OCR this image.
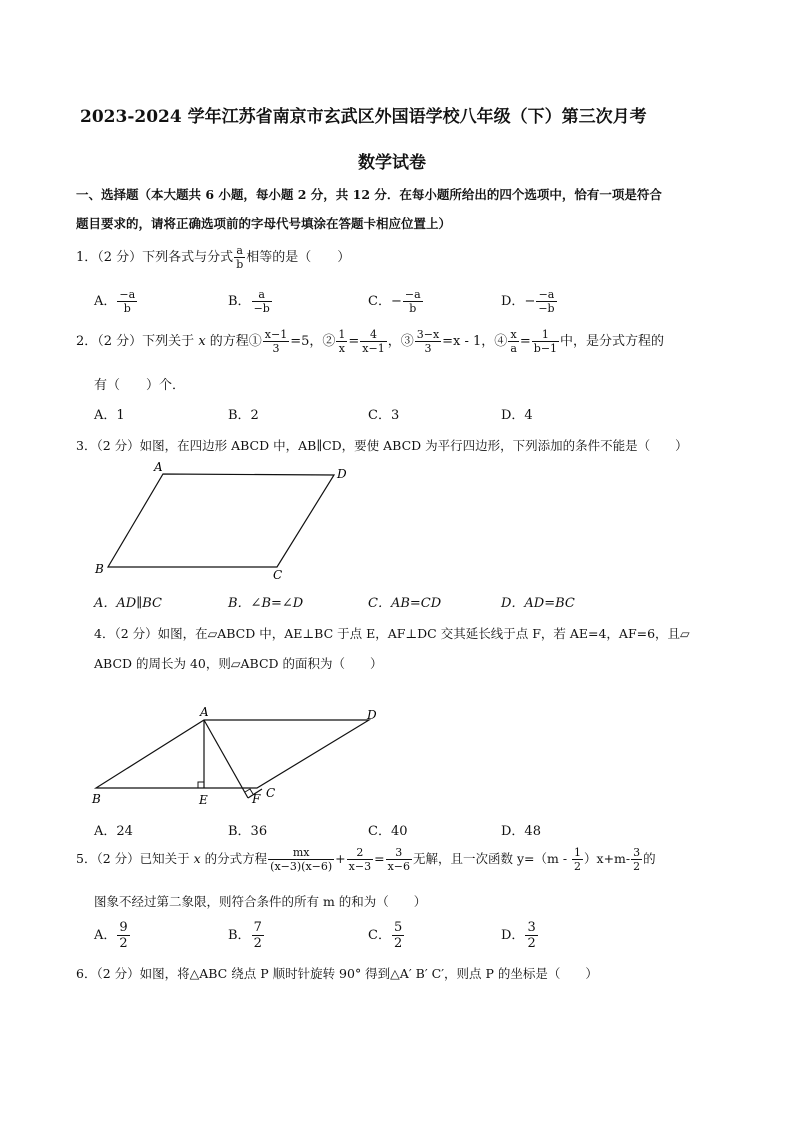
2023-2024 学年江苏省南京市玄武区外国语学校八年级（下）第三次月考
数学试卷
一、选择题（本大题共 6 小题，每小题 2 分，共 12 分．在每小题所给出的四个选项中，恰有一项是符合
题目要求的，请将正确选项前的字母代号填涂在答题卡相应位置上）
1．（2 分）下列各式与分式 $\frac{a}{b}$ 相等的是（　　）
A． $\frac{-a}{b}$	B． $\frac{a}{-b}$	C．− $\frac{-a}{b}$	D．− $\frac{-a}{-b}$
2．（2 分）下列关于 x 的方程① $\frac{x-1}{3} =5$，② $\frac{1}{x} = \frac{4}{x-1}$ ，③ $\frac{3-x}{3} =x - 1$，④ $\frac{x}{a} = \frac{1}{b-1}$ 中，是分式方程的
有（　　）个．
A．1	B．2	C．3	D．4
3．（2 分）如图，在四边形 ABCD 中，AB∥CD，要使 ABCD 为平行四边形，下列添加的条件不能是（　　）
A	D
B	C
A．AD∥BC	B．∠B=∠D	C．AB=CD	D．AD=BC
4．（2 分）如图，在▱ABCD 中，AE⊥BC 于点 E，AF⊥DC 交其延长线于点 F，若 AE=4，AF=6，且▱
ABCD 的周长为 40，则▱ABCD 的面积为（　　）
A	D
B	E	F C
A．24	B．36	C．40	D．48
5．（2 分）已知关于 x 的分式方程 $\frac{mx}{(x-3)(x-6)} + \frac{2}{x-3} = \frac{3}{x-6}$ 无解，且一次函数 $y=(m - \frac{1}{2} )x+m- \frac{3}{2}$ 的
图象不经过第二象限，则符合条件的所有 m 的和为（　　）
A． $\frac{9}{2}$	B． $\frac{7}{2}$	C． $\frac{5}{2}$	D． $\frac{3}{2}$
6．（2 分）如图，将△ABC 绕点 P 顺时针旋转 90° 得到△A′ B′ C′，则点 P 的坐标是（　　）
